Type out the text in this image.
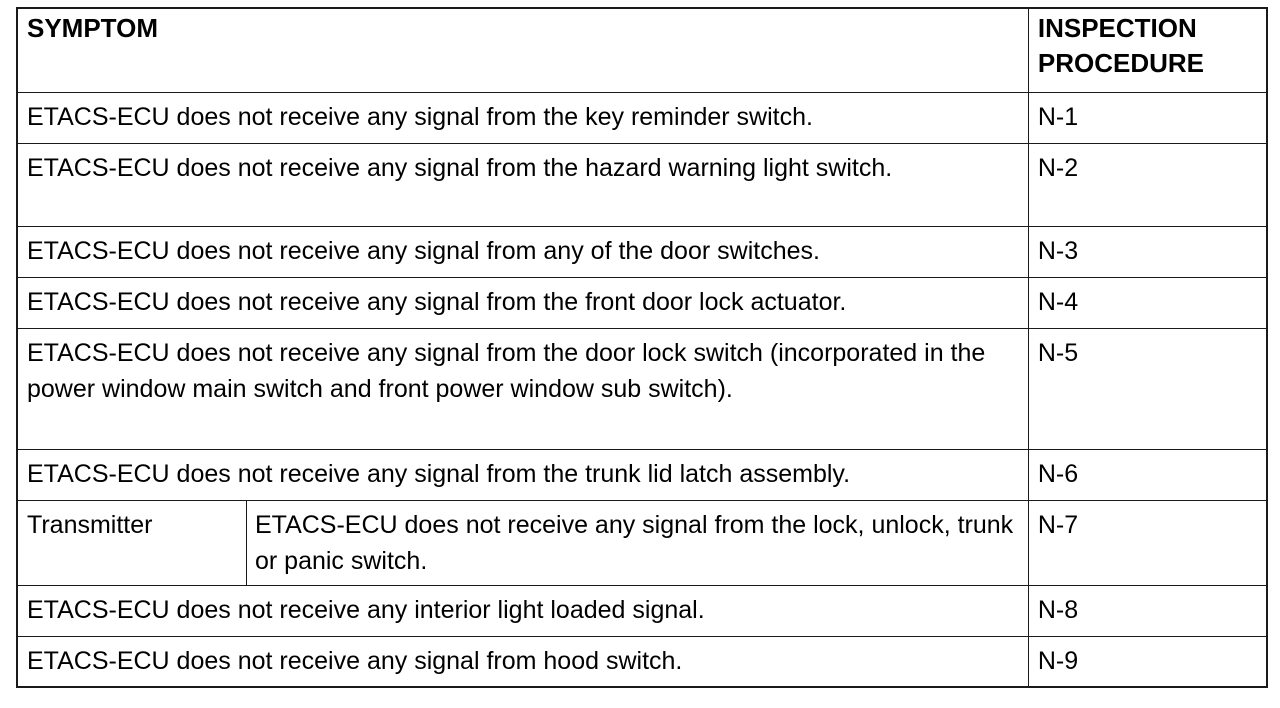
SYMPTOM		INSPECTION PROCEDURE
ETACS-ECU does not receive any signal from the key reminder switch.		N-1
ETACS-ECU does not receive any signal from the hazard warning light switch.		N-2
ETACS-ECU does not receive any signal from any of the door switches.		N-3
ETACS-ECU does not receive any signal from the front door lock actuator.		N-4
ETACS-ECU does not receive any signal from the door lock switch (incorporated in the power window main switch and front power window sub switch).		N-5
ETACS-ECU does not receive any signal from the trunk lid latch assembly.		N-6
Transmitter	ETACS-ECU does not receive any signal from the lock, unlock, trunk or panic switch.	N-7
ETACS-ECU does not receive any interior light loaded signal.		N-8
ETACS-ECU does not receive any signal from hood switch.		N-9
